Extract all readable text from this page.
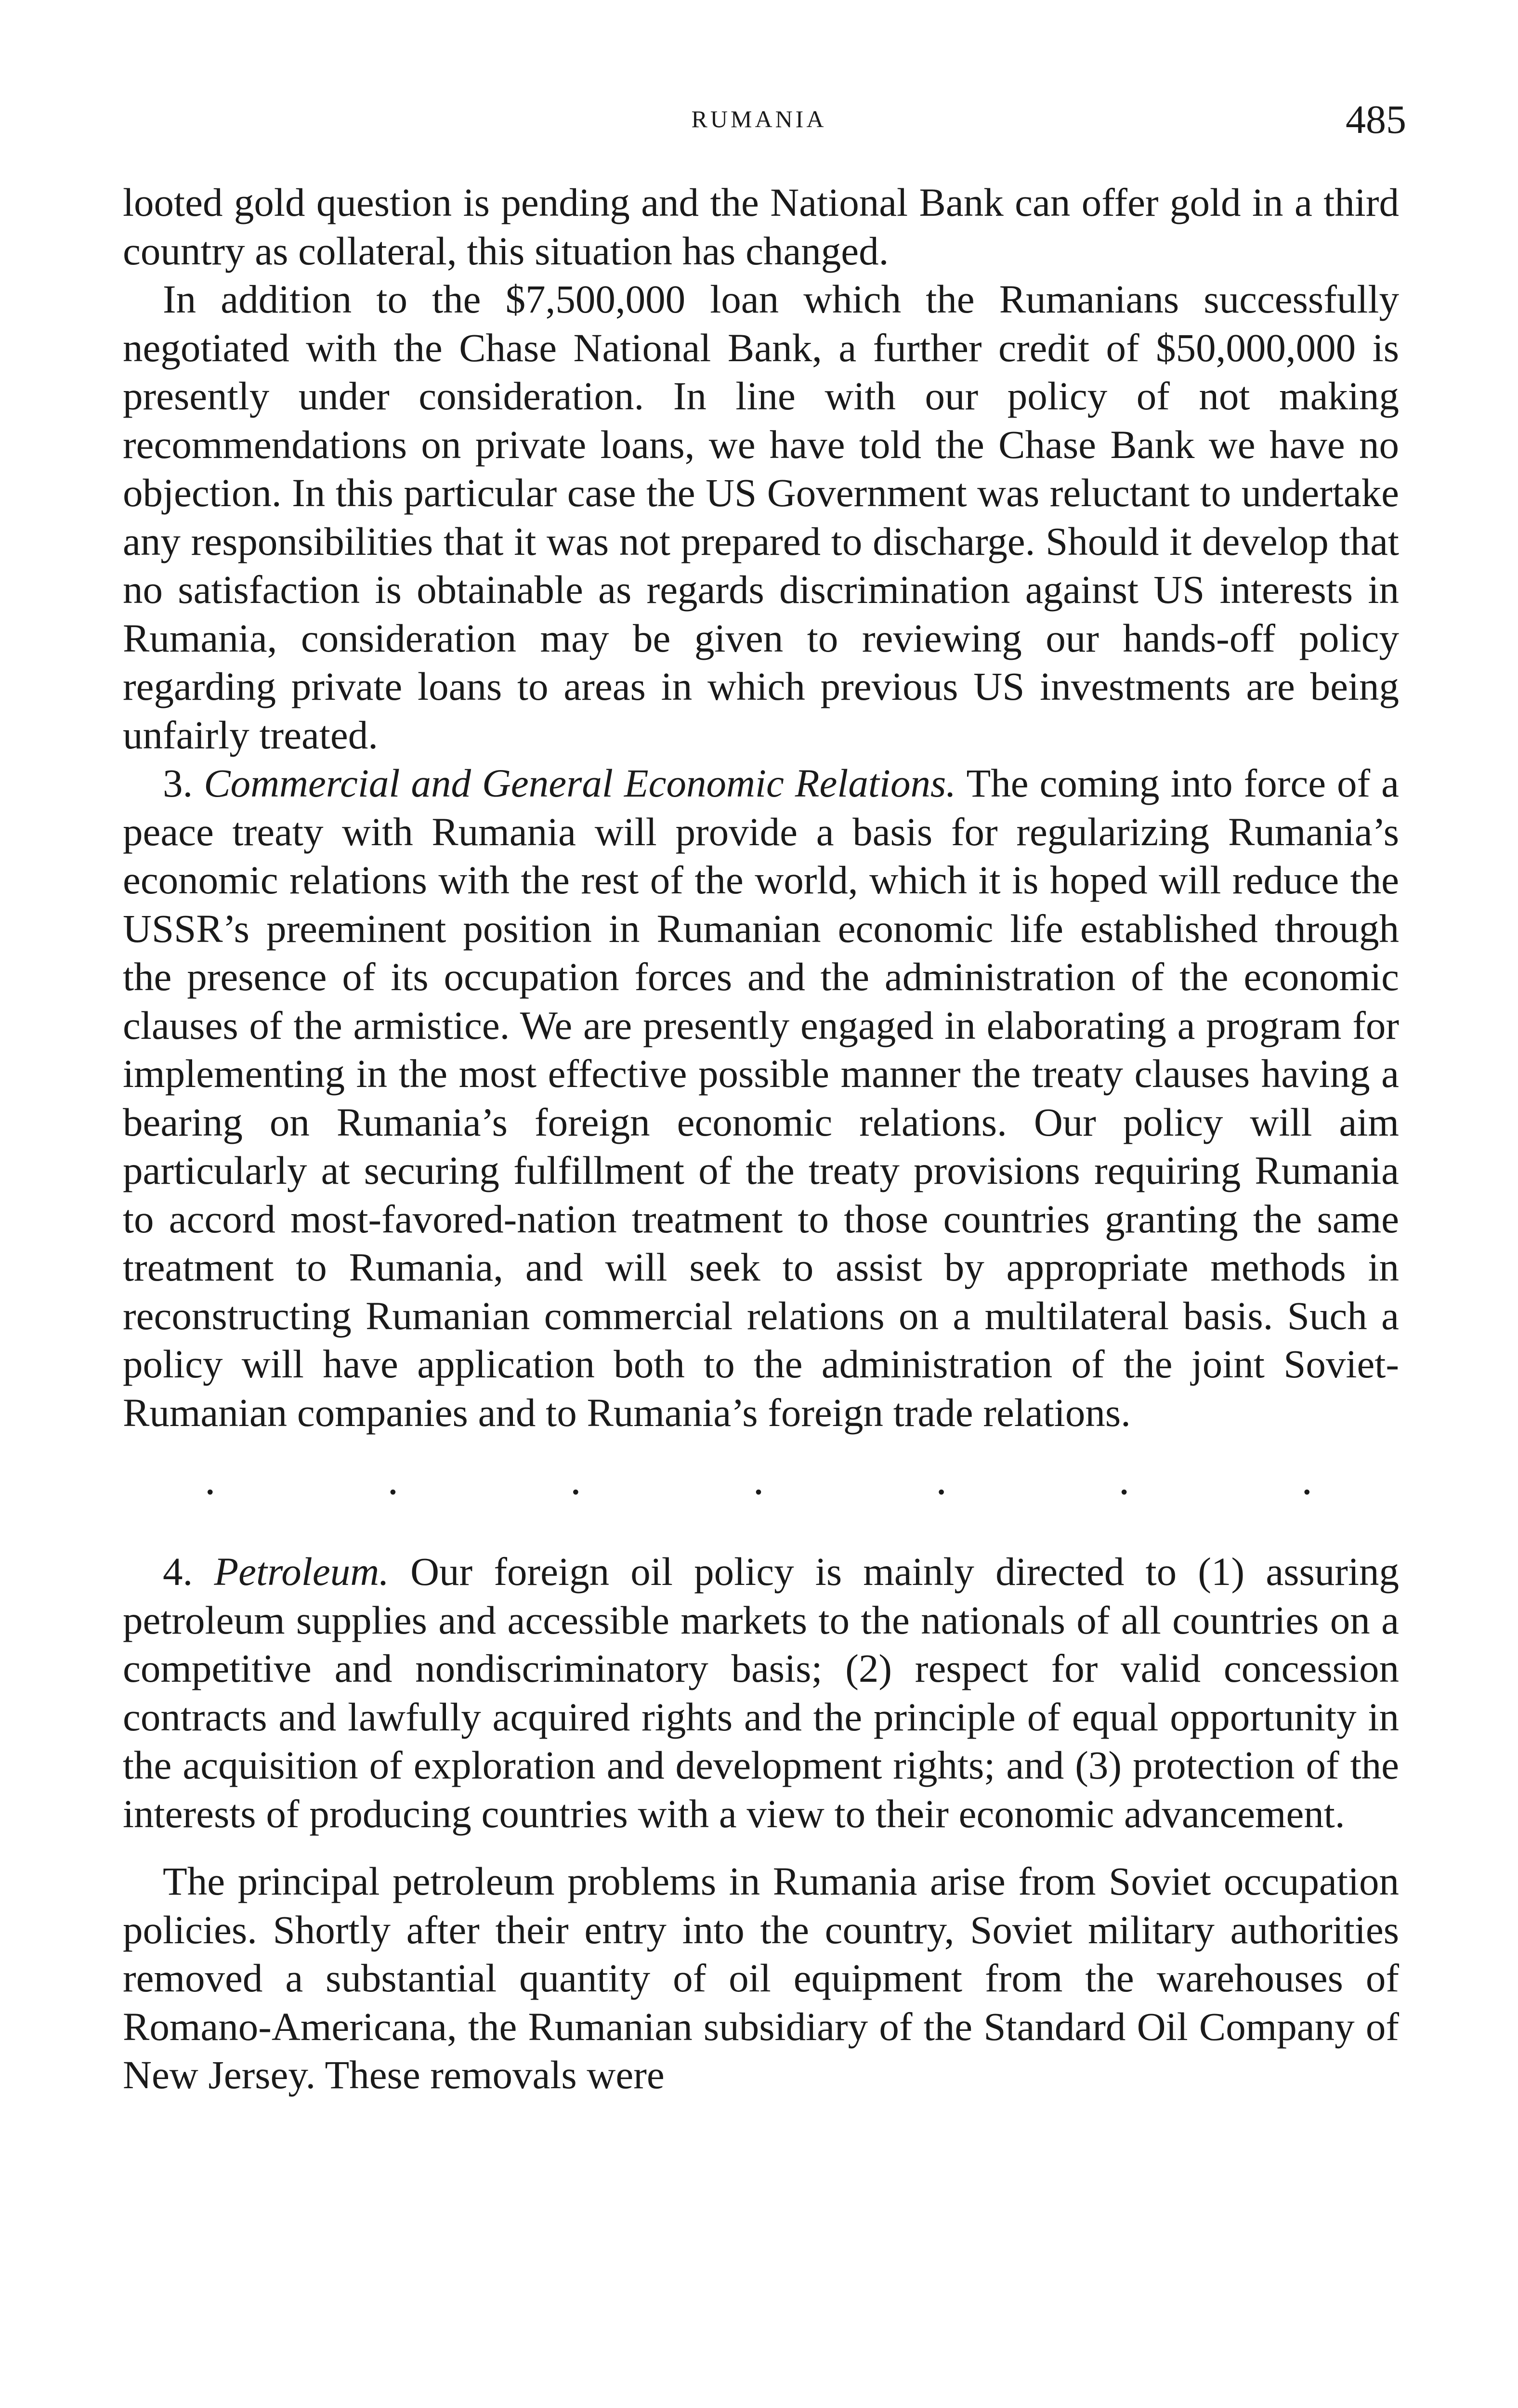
RUMANIA	485

looted gold question is pending and the National Bank can offer gold in a third country as collateral, this situation has changed.

In addition to the $7,500,000 loan which the Rumanians successfully negotiated with the Chase National Bank, a further credit of $50,000,000 is presently under consideration. In line with our policy of not making recommendations on private loans, we have told the Chase Bank we have no objection. In this particular case the US Government was reluctant to undertake any responsibilities that it was not prepared to discharge. Should it develop that no satisfaction is obtainable as regards discrimination against US interests in Rumania, consideration may be given to reviewing our hands-off policy regarding private loans to areas in which previous US investments are being unfairly treated.

3. Commercial and General Economic Relations. The coming into force of a peace treaty with Rumania will provide a basis for regularizing Rumania’s economic relations with the rest of the world, which it is hoped will reduce the USSR’s preeminent position in Rumanian economic life established through the presence of its occupation forces and the administration of the economic clauses of the armistice. We are presently engaged in elaborating a program for implementing in the most effective possible manner the treaty clauses having a bearing on Rumania’s foreign economic relations. Our policy will aim particularly at securing fulfillment of the treaty provisions requiring Rumania to accord most-favored-nation treatment to those countries granting the same treatment to Rumania, and will seek to assist by appropriate methods in reconstructing Rumanian commercial relations on a multilateral basis. Such a policy will have application both to the administration of the joint Soviet-Rumanian companies and to Rumania’s foreign trade relations.

.	.	.	.	.	.	.

4. Petroleum. Our foreign oil policy is mainly directed to (1) assuring petroleum supplies and accessible markets to the nationals of all countries on a competitive and nondiscriminatory basis; (2) respect for valid concession contracts and lawfully acquired rights and the principle of equal opportunity in the acquisition of exploration and development rights; and (3) protection of the interests of producing countries with a view to their economic advancement.

The principal petroleum problems in Rumania arise from Soviet occupation policies. Shortly after their entry into the country, Soviet military authorities removed a substantial quantity of oil equipment from the warehouses of Romano-Americana, the Rumanian subsidiary of the Standard Oil Company of New Jersey. These removals were
